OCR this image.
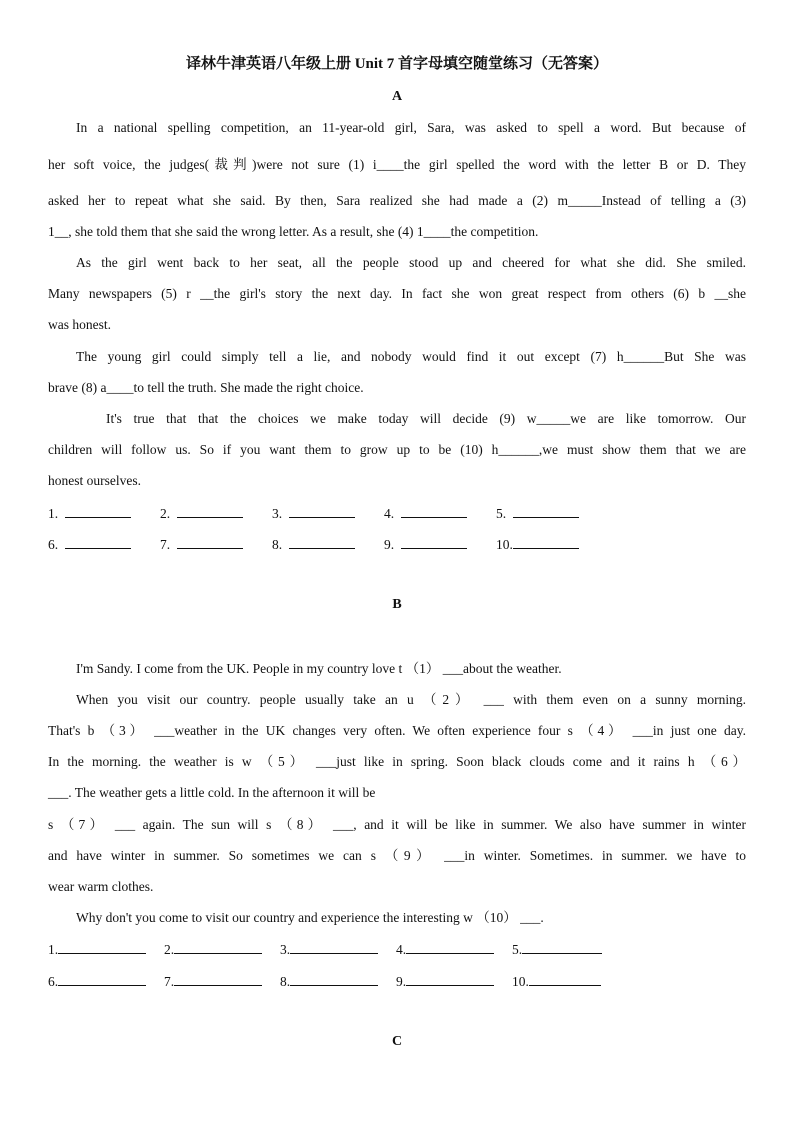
译林牛津英语八年级上册 Unit 7 首字母填空随堂练习（无答案）
A
In a national spelling competition, an 11-year-old girl, Sara, was asked to spell a word. But because of
her soft voice, the judges(裁判)were not sure (1) i____the girl spelled the word with the letter B or D. They
asked her to repeat what she said. By then, Sara realized she had made a (2) m_____Instead of telling a (3)
1__, she told them that she said the wrong letter. As a result, she (4) 1____the competition.
As the girl went back to her seat, all the people stood up and cheered for what she did. She smiled.
Many newspapers (5) r __the girl's story the next day. In fact she won great respect from others (6) b __she
was honest.
The young girl could simply tell a lie, and nobody would find it out except (7) h______But She was
brave (8) a____to tell the truth. She made the right choice.
It's true that that the choices we make today will decide (9) w_____we are like tomorrow. Our
children will follow us. So if you want them to grow up to be (10) h______,we must show them that we are
honest ourselves.
1.	2.	3.	4.	5.
6.	7.	8.	9.	10.
B
I'm Sandy. I come from the UK. People in my country love t （1） ___about the weather.
When you visit our country. people usually take an u （2） ___ with them even on a sunny morning.
That's b （3） ___weather in the UK changes very often. We often experience four s （4） ___in just one day.
In the morning. the weather is w （5） ___just like in spring. Soon black clouds come and it rains h （6）
___. The weather gets a little cold. In the afternoon it will be
s （7） ___ again. The sun will s （8） ___, and it will be like in summer. We also have summer in winter
and have winter in summer. So sometimes we can s （9） ___in winter. Sometimes. in summer. we have to
wear warm clothes.
Why don't you come to visit our country and experience the interesting w （10） ___.
1.	2.	3.	4.	5.
6.	7.	8.	9.	10.
C
